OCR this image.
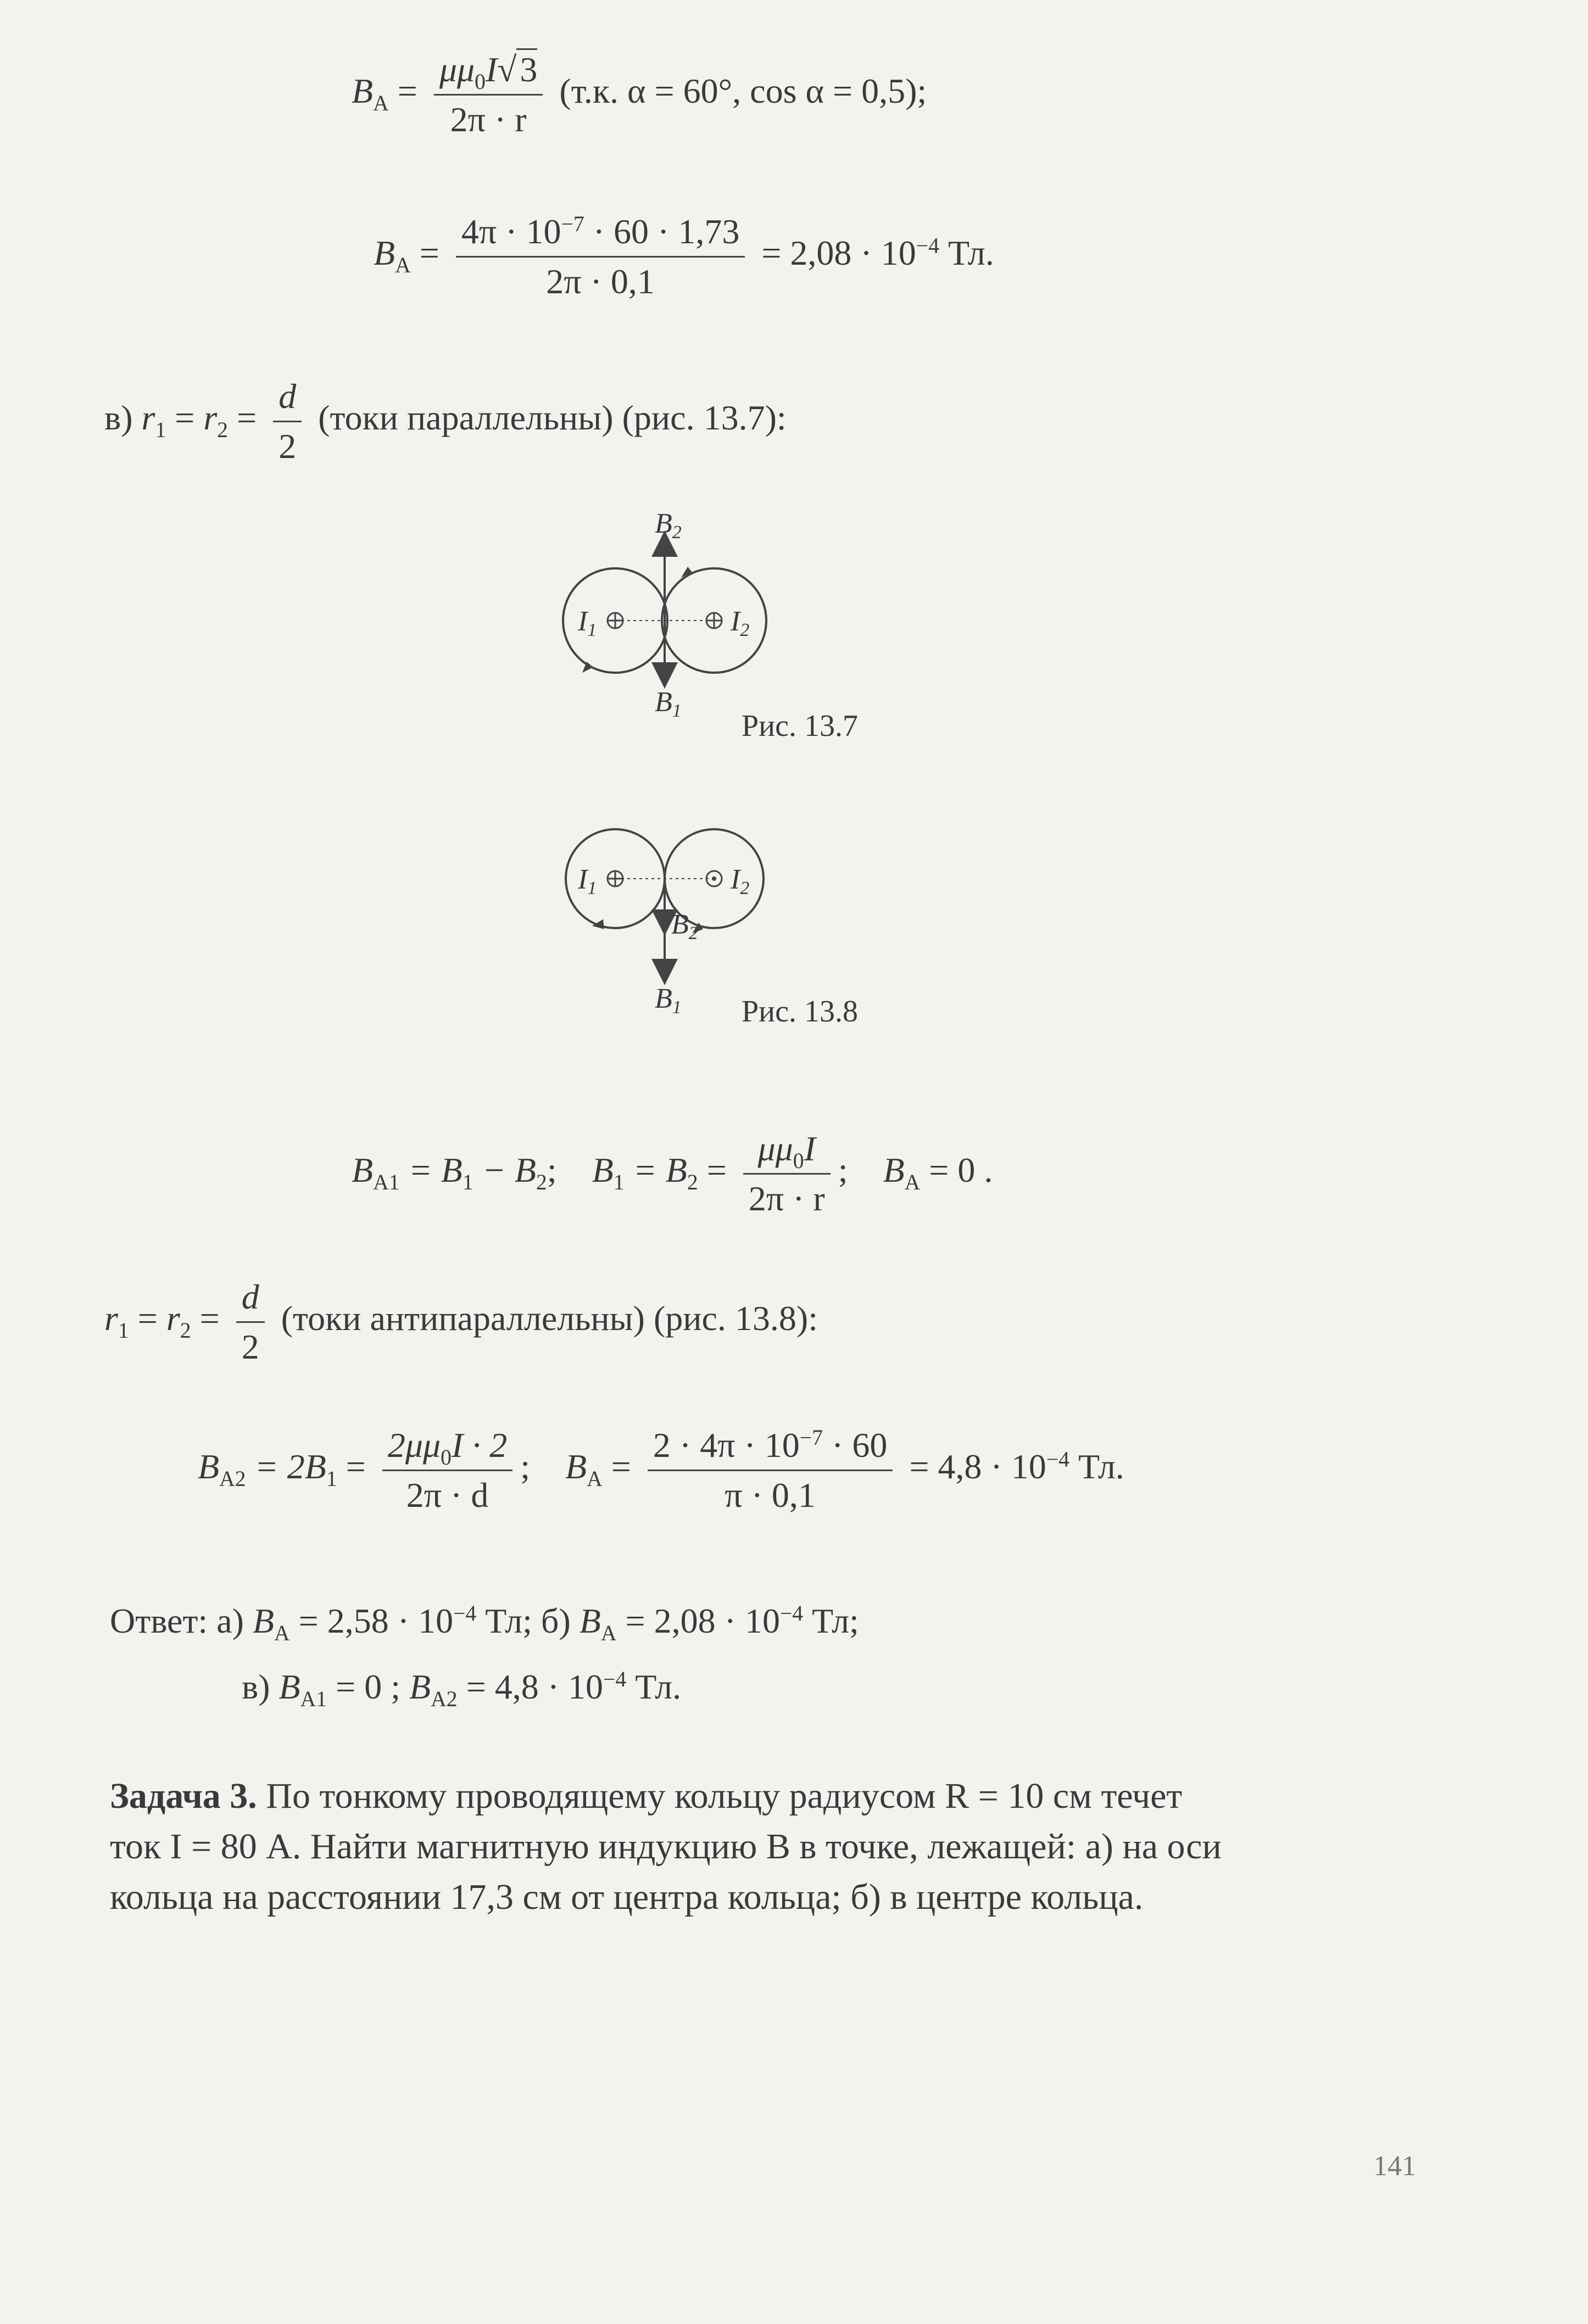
$B_A = \frac{\mu\mu_0I√3}{2\pi \cdot r} (т.к$. α = 60°, cos α = 0,5);
$B_A = \frac{4\pi \cdot 10^{-7} \cdot 60 \cdot 1,73}{2\pi \cdot 0,1} = 2,08 \cdot 10^{-4}$ Тл.
в) $r_1 = r_2 = \frac{d}{2}$ (токи параллельны) (рис. 13.7):
B2
B1
I1	I2
Рис. 13.7
I1	I2
B2
B1 Рис. 13.8
$B_{A1} = B_1 - B_2$; $B_1 = B_2 = \frac{\mu\mu_0I}{2\pi \cdot r}$ ; $B_A = 0$ .
$r_1 = r_2 = \frac{d}{2}$ (токи антипараллельны) (рис. 13.8):
$B_{A2} = 2B_1 = \frac{2\mu\mu_0I \cdot 2}{2\pi \cdot d}$ ; $B_A = \frac{2 \cdot 4\pi \cdot 10^{-7} \cdot 60}{\pi \cdot 0,1} = 4,8 \cdot 10^{-4}$ Тл.
Ответ: а) $B_A = 2,58 \cdot 10^{-4}$ Тл; б) $B_A = 2,08 \cdot 10^{-4}$ Тл;
в) $B_{A1} = 0$ ; $B_{A2} = 4,8 \cdot 10^{-4}$ Тл.
Задача 3. По тонкому проводящему кольцу радиусом R = 10 см течет
ток I = 80 А. Найти магнитную индукцию B в точке, лежащей: а) на оси
кольца на расстоянии 17,3 см от центра кольца; б) в центре кольца.
141
